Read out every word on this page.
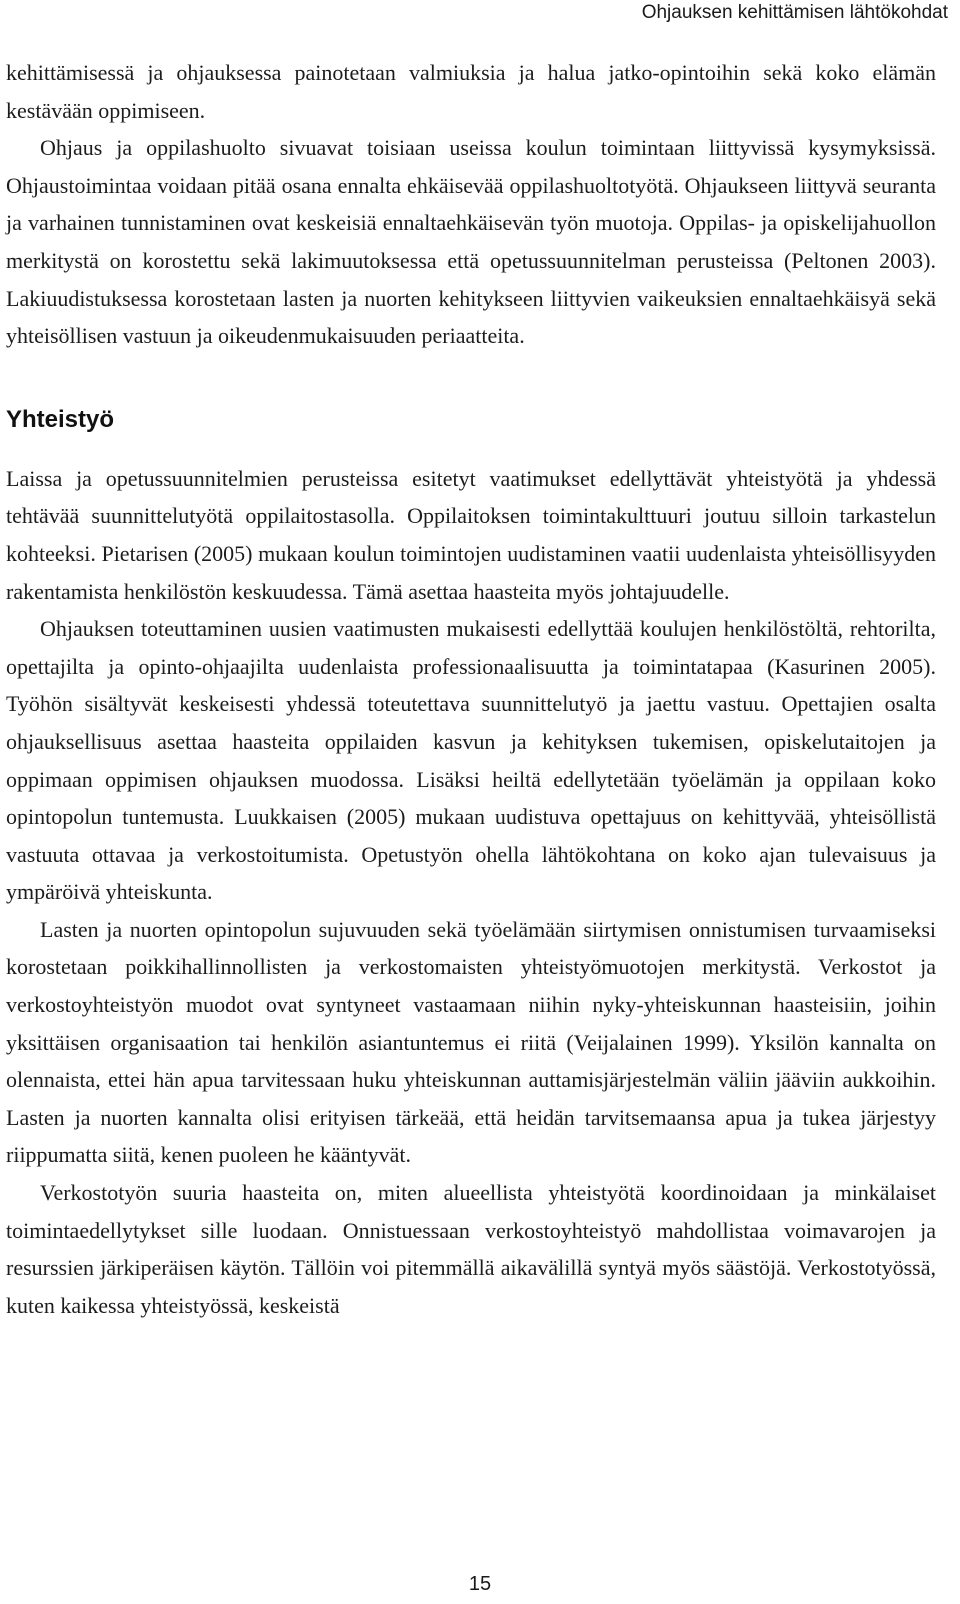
Ohjauksen kehittämisen lähtökohdat

kehittämisessä ja ohjauksessa painotetaan valmiuksia ja halua jatko-opintoihin sekä koko elämän kestävään oppimiseen.

Ohjaus ja oppilashuolto sivuavat toisiaan useissa koulun toimintaan liittyvissä kysymyksissä. Ohjaustoimintaa voidaan pitää osana ennalta ehkäisevää oppilashuoltotyötä. Ohjaukseen liittyvä seuranta ja varhainen tunnistaminen ovat keskeisiä ennaltaehkäisevän työn muotoja. Oppilas- ja opiskelijahuollon merkitystä on korostettu sekä lakimuutoksessa että opetussuunnitelman perusteissa (Peltonen 2003). Lakiuudistuksessa korostetaan lasten ja nuorten kehitykseen liittyvien vaikeuksien ennaltaehkäisyä sekä yhteisöllisen vastuun ja oikeudenmukaisuuden periaatteita.

Yhteistyö

Laissa ja opetussuunnitelmien perusteissa esitetyt vaatimukset edellyttävät yhteistyötä ja yhdessä tehtävää suunnittelutyötä oppilaitostasolla. Oppilaitoksen toimintakulttuuri joutuu silloin tarkastelun kohteeksi. Pietarisen (2005) mukaan koulun toimintojen uudistaminen vaatii uudenlaista yhteisöllisyyden rakentamista henkilöstön keskuudessa. Tämä asettaa haasteita myös johtajuudelle.

Ohjauksen toteuttaminen uusien vaatimusten mukaisesti edellyttää koulujen henkilöstöltä, rehtorilta, opettajilta ja opinto-ohjaajilta uudenlaista professionaalisuutta ja toimintatapaa (Kasurinen 2005). Työhön sisältyvät keskeisesti yhdessä toteutettava suunnittelutyö ja jaettu vastuu. Opettajien osalta ohjauksellisuus asettaa haasteita oppilaiden kasvun ja kehityksen tukemisen, opiskelutaitojen ja oppimaan oppimisen ohjauksen muodossa. Lisäksi heiltä edellytetään työelämän ja oppilaan koko opintopolun tuntemusta. Luukkaisen (2005) mukaan uudistuva opettajuus on kehittyvää, yhteisöllistä vastuuta ottavaa ja verkostoitumista. Opetustyön ohella lähtökohtana on koko ajan tulevaisuus ja ympäröivä yhteiskunta.

Lasten ja nuorten opintopolun sujuvuuden sekä työelämään siirtymisen onnistumisen turvaamiseksi korostetaan poikkihallinnollisten ja verkostomaisten yhteistyömuotojen merkitystä. Verkostot ja verkostoyhteistyön muodot ovat syntyneet vastaamaan niihin nyky-yhteiskunnan haasteisiin, joihin yksittäisen organisaation tai henkilön asiantuntemus ei riitä (Veijalainen 1999). Yksilön kannalta on olennaista, ettei hän apua tarvitessaan huku yhteiskunnan auttamisjärjestelmän väliin jääviin aukkoihin. Lasten ja nuorten kannalta olisi erityisen tärkeää, että heidän tarvitsemaansa apua ja tukea järjestyy riippumatta siitä, kenen puoleen he kääntyvät.

Verkostotyön suuria haasteita on, miten alueellista yhteistyötä koordinoidaan ja minkälaiset toimintaedellytykset sille luodaan. Onnistuessaan verkostoyhteistyö mahdollistaa voimavarojen ja resurssien järkiperäisen käytön. Tällöin voi pitemmällä aikavälillä syntyä myös säästöjä. Verkostotyössä, kuten kaikessa yhteistyössä, keskeistä

15
